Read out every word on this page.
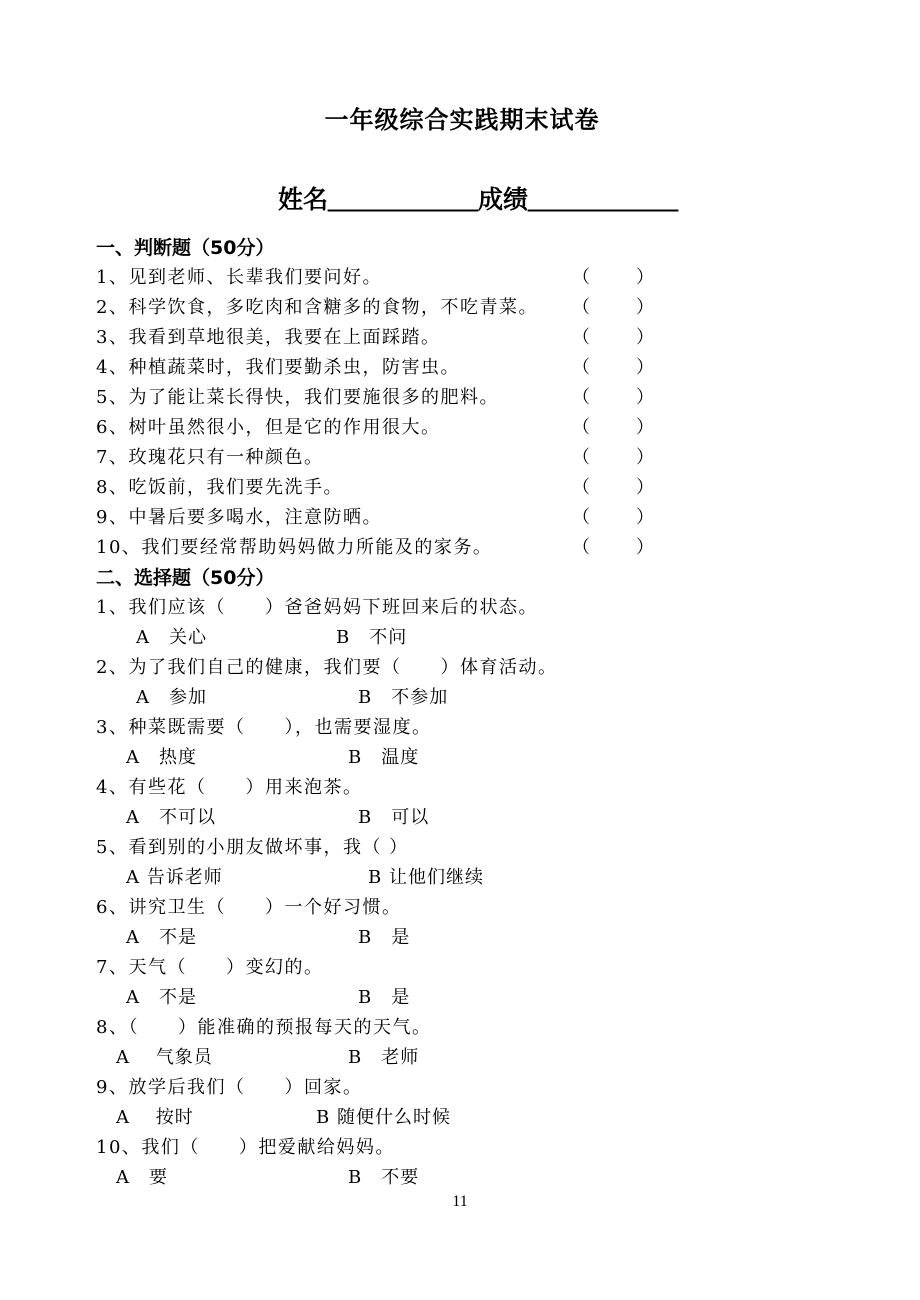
一年级综合实践期末试卷
姓名＿＿＿＿＿＿成绩＿＿＿＿＿＿
一、判断题（50分）
1、见到老师、长辈我们要问好。	（	）
2、科学饮食，多吃肉和含糖多的食物，不吃青菜。 （	）
3、我看到草地很美，我要在上面踩踏。	（	）
4、种植蔬菜时，我们要勤杀虫，防害虫。	（	）
5、为了能让菜长得快，我们要施很多的肥料。	（	）
6、树叶虽然很小，但是它的作用很大。	（	）
7、玫瑰花只有一种颜色。	（	）
8、吃饭前，我们要先洗手。	（	）
9、中暑后要多喝水，注意防晒。	（	）
10、我们要经常帮助妈妈做力所能及的家务。	（	）
二、选择题（50分）
1、我们应该（　　）爸爸妈妈下班回来后的状态。
A　关心	B　不问
2、为了我们自己的健康，我们要（　　）体育活动。
A　参加	B　不参加
3、种菜既需要（　　），也需要湿度。
A　热度	B　温度
4、有些花（　　）用来泡茶。
A　不可以	B　可以
5、看到别的小朋友做坏事，我（ ）
A 告诉老师	B 让他们继续
6、讲究卫生（　　）一个好习惯。
A　不是	B　是
7、天气（　　）变幻的。
A　不是	B　是
8、（　　）能准确的预报每天的天气。
A　 气象员	B　老师
9、放学后我们（　　）回家。
A　 按时	B 随便什么时候
10、我们（　　）把爱献给妈妈。
A　要	B　不要
11
